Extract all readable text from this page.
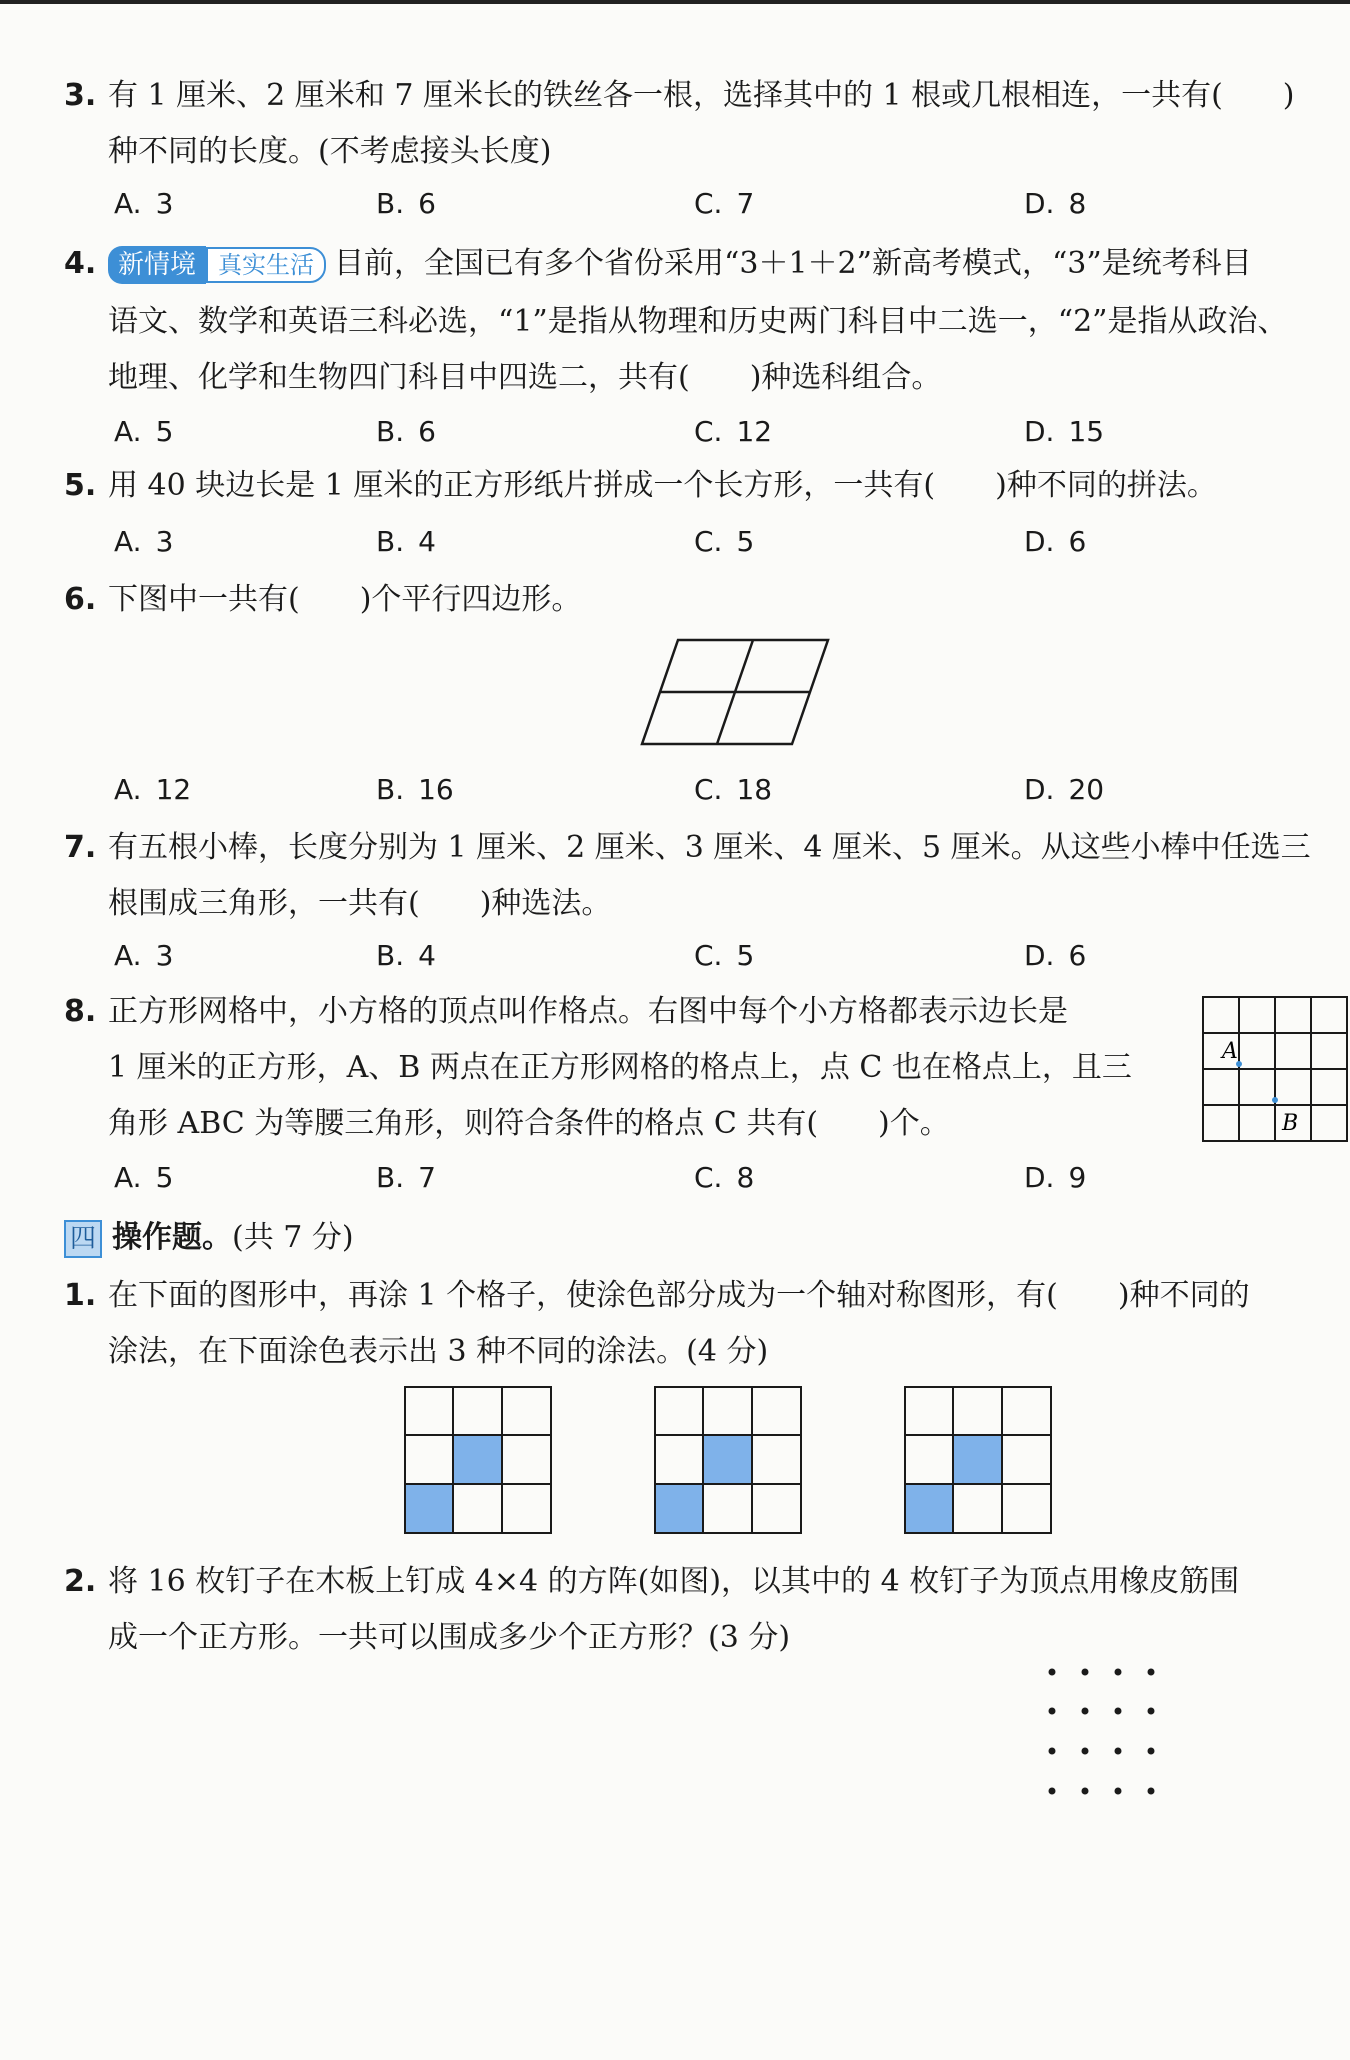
3. 有 1 厘米、2 厘米和 7 厘米长的铁丝各一根，选择其中的 1 根或几根相连，一共有(　　)
种不同的长度。(不考虑接头长度)
A. 3	B. 6	C. 7	D. 8
4. 新情境 真实生活 目前，全国已有多个省份采用“3＋1＋2”新高考模式，“3”是统考科目
语文、数学和英语三科必选，“1”是指从物理和历史两门科目中二选一，“2”是指从政治、
地理、化学和生物四门科目中四选二，共有(　　)种选科组合。
A. 5	B. 6	C. 12	D. 15
5. 用 40 块边长是 1 厘米的正方形纸片拼成一个长方形，一共有(　　)种不同的拼法。
A. 3	B. 4	C. 5	D. 6
6. 下图中一共有(　　)个平行四边形。
A. 12	B. 16	C. 18	D. 20
7. 有五根小棒，长度分别为 1 厘米、2 厘米、3 厘米、4 厘米、5 厘米。从这些小棒中任选三
根围成三角形，一共有(　　)种选法。
A. 3	B. 4	C. 5	D. 6
8. 正方形网格中，小方格的顶点叫作格点。右图中每个小方格都表示边长是
1 厘米的正方形，A、B 两点在正方形网格的格点上，点 C 也在格点上，且三
角形 ABC 为等腰三角形，则符合条件的格点 C 共有(　　)个。
A
B
A. 5	B. 7	C. 8	D. 9
四 操作题。(共 7 分)
1. 在下面的图形中，再涂 1 个格子，使涂色部分成为一个轴对称图形，有(　　)种不同的
涂法，在下面涂色表示出 3 种不同的涂法。(4 分)
2. 将 16 枚钉子在木板上钉成 4×4 的方阵(如图)，以其中的 4 枚钉子为顶点用橡皮筋围
成一个正方形。一共可以围成多少个正方形？(3 分)
